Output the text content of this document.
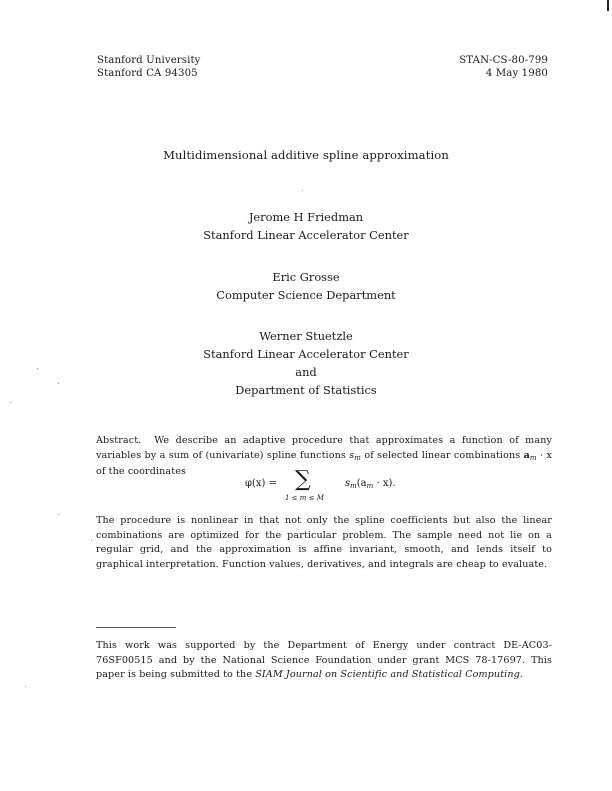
Stanford University
Stanford CA 94305
STAN-CS-80-799
4 May 1980
Multidimensional additive spline approximation
Jerome H Friedman
Stanford Linear Accelerator Center
Eric Grosse
Computer Science Department
Werner Stuetzle
Stanford Linear Accelerator Center
and
Department of Statistics
Abstract. We describe an adaptive procedure that approximates a function of many variables by a sum of (univariate) spline functions $s_m$ of selected linear combinations $a_m \cdot x$ of the coordinates
φ(x) = ∑
1 ≤ m ≤ M
$s_m(a_m \cdot x)$.
The procedure is nonlinear in that not only the spline coefficients but also the linear combinations are optimized for the particular problem. The sample need not lie on a regular grid, and the approximation is affine invariant, smooth, and lends itself to graphical interpretation. Function values, derivatives, and integrals are cheap to evaluate.
This work was supported by the Department of Energy under contract DE-AC03-76SF00515 and by the National Science Foundation under grant MCS 78-17697. This paper is being submitted to the SIAM Journal on Scientific and Statistical Computing.
